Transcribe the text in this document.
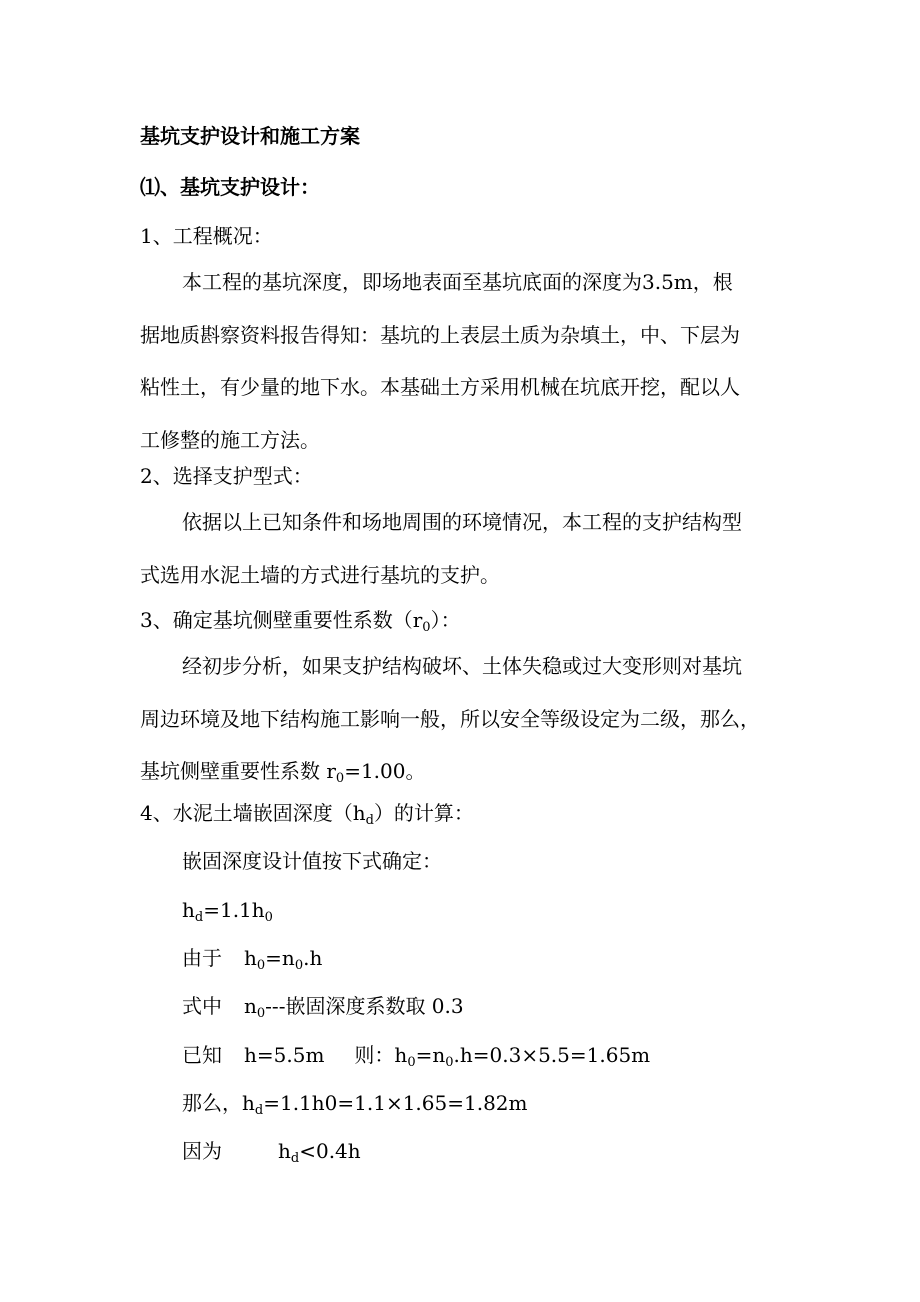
基坑支护设计和施工方案
⑴、基坑支护设计：
1、工程概况：
本工程的基坑深度，即场地表面至基坑底面的深度为3.5m，根
据地质斟察资料报告得知：基坑的上表层土质为杂填土，中、下层为
粘性土，有少量的地下水。本基础土方采用机械在坑底开挖，配以人
工修整的施工方法。
2、选择支护型式：
依据以上已知条件和场地周围的环境情况，本工程的支护结构型
式选用水泥土墙的方式进行基坑的支护。
3、确定基坑侧壁重要性系数$(r_0)$：
经初步分析，如果支护结构破坏、土体失稳或过大变形则对基坑
周边环境及地下结构施工影响一般，所以安全等级设定为二级，那么，
基坑侧壁重要性系数 $r_0=1.00$。
4、水泥土墙嵌固深度$(h_d)$的计算：
嵌固深度设计值按下式确定：
$h_d=1.1h_0$
由于 $h_0=n_0.h$
式中 $n_0---$嵌固深度系数取 0.3
已知 h=5.5m 则：$h_0=n_0.h=0.3\times 5.5=1.65m$
那么，$h_d=1.1h0=1.1\times 1.65=1.82m$
因为	$h_d<0.4h$
